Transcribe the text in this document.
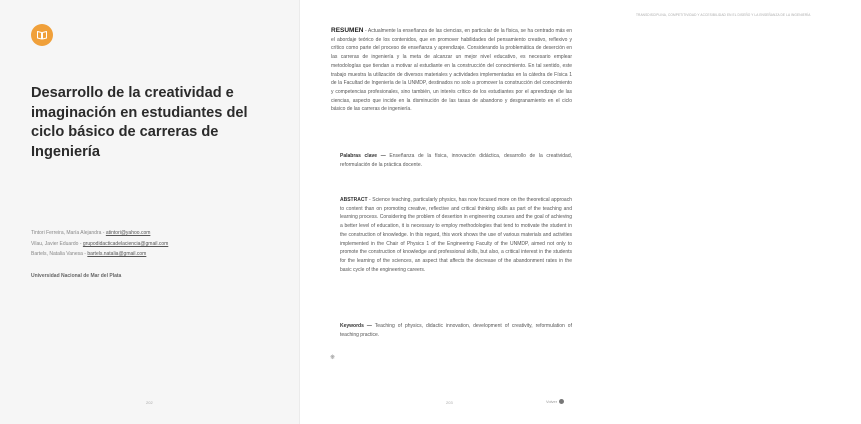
Desarrollo de la creatividad e imaginación en estudiantes del ciclo básico de carreras de Ingeniería
Tintori Ferreira, María Alejandra - atintori@yahoo.com
Vilau, Javier Eduardo - grupodidacticadelaciencia@gmail.com
Bartels, Natalia Vanesa - bartels.natalia@gmail.com
Universidad Nacional de Mar del Plata
202
TRANSDISCIPLINA, COMPETITIVIDAD Y ACCESIBILIDAD EN EL DISEÑO Y LA ENSEÑANZA DE LA INGENIERÍA
RESUMEN - Actualmente la enseñanza de las ciencias, en particular de la física, se ha centrado más en el abordaje teórico de los contenidos, que en promover habilidades del pensamiento creativo, reflexivo y crítico como parte del proceso de enseñanza y aprendizaje. Considerando la problemática de deserción en las carreras de ingeniería y la meta de alcanzar un mejor nivel educativo, es necesario emplear metodologías que tiendan a motivar al estudiante en la construcción del conocimiento. En tal sentido, este trabajo muestra la utilización de diversos materiales y actividades implementadas en la cátedra de Física 1 de la Facultad de Ingeniería de la UNMDP, destinados no solo a promover la construcción del conocimiento y competencias profesionales, sino también, un interés crítico de los estudiantes por el aprendizaje de las ciencias, aspecto que incide en la disminución de las tasas de abandono y desgranamiento en el ciclo básico de las carreras de ingeniería.
Palabras clave — Enseñanza de la física, innovación didáctica, desarrollo de la creatividad, reformulación de la práctica docente.
ABSTRACT - Science teaching, particularly physics, has now focused more on the theoretical approach to content than on promoting creative, reflective and critical thinking skills as part of the teaching and learning process. Considering the problem of desertion in engineering courses and the goal of achieving a better level of education, it is necessary to employ methodologies that tend to motivate the student in the construction of knowledge. In this regard, this work shows the use of various materials and activities implemented in the Chair of Physics 1 of the Engineering Faculty of the UNMDP, aimed not only to promote the construction of knowledge and professional skills, but also, a critical interest in the students for the learning of the sciences, an aspect that affects the decrease of the abandonment rates in the basic cycle of the engineering careers.
Keywords — Teaching of physics, didactic innovation, development of creativity, reformulation of teaching practice.
❋
203	Volver
